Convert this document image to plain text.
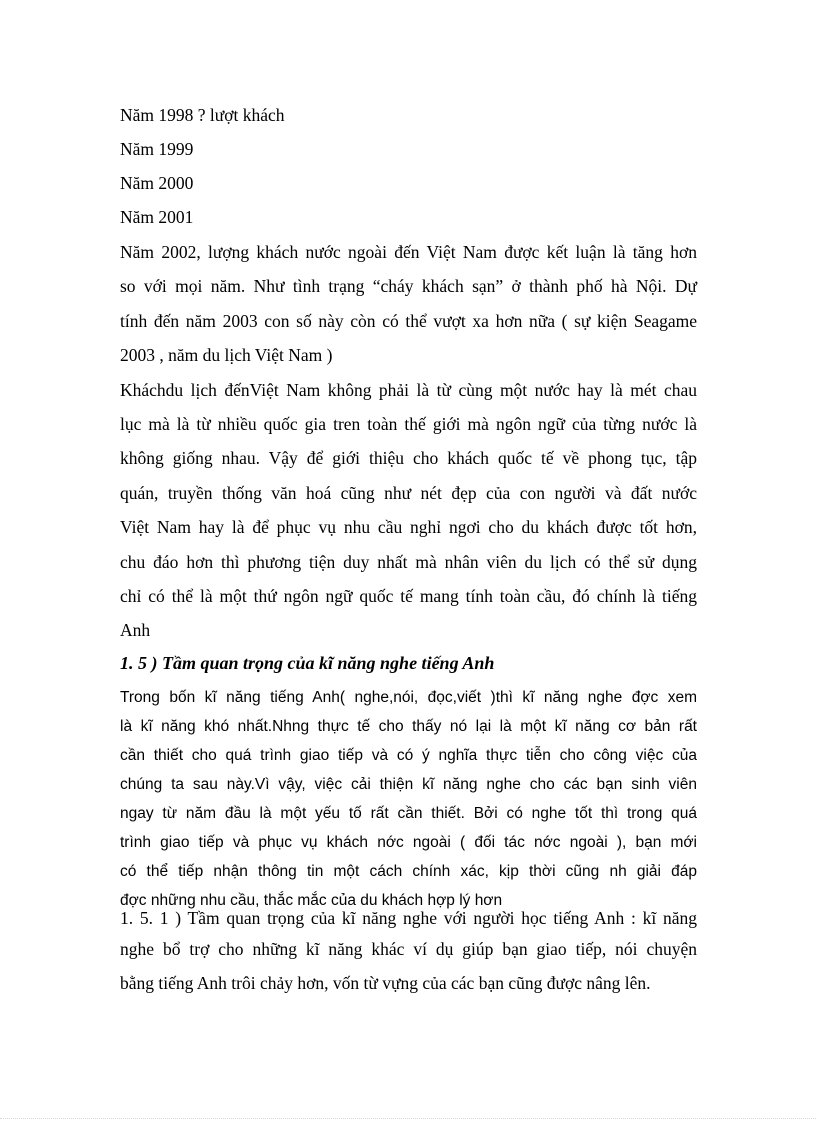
Năm 1998 ? lượt khách
Năm 1999
Năm 2000
Năm 2001
Năm 2002, lượng khách nước ngoài đến Việt Nam được kết luận là tăng hơn
so với mọi năm. Như tình trạng “cháy khách sạn” ở thành phố hà Nội. Dự
tính đến năm 2003 con số này còn có thể vượt xa hơn nữa ( sự kiện Seagame
2003 , năm du lịch Việt Nam )
Kháchdu lịch đếnViệt Nam không phải là từ cùng một nước hay là mét chau
lục mà là từ nhiều quốc gia tren toàn thế giới mà ngôn ngữ của từng nước là
không giống nhau. Vậy để giới thiệu cho khách quốc tế về phong tục, tập
quán, truyền thống văn hoá cũng như nét đẹp của con người và đất nước
Việt Nam hay là để phục vụ nhu cầu nghỉ ngơi cho du khách được tốt hơn,
chu đáo hơn thì phương tiện duy nhất mà nhân viên du lịch có thể sử dụng
chỉ có thể là một thứ ngôn ngữ quốc tế mang tính toàn cầu, đó chính là tiếng
Anh
1. 5 ) Tầm quan trọng của kĩ năng nghe tiếng Anh
Trong bốn kĩ năng tiếng Anh( nghe,nói, đọc,viết )thì kĩ năng nghe đợc xem
là kĩ năng khó nhất.Nhng thực tế cho thấy nó lại là một kĩ năng cơ bản rất
cần thiết cho quá trình giao tiếp và có ý nghĩa thực tiễn cho công việc của
chúng ta sau này.Vì vậy, việc cải thiện kĩ năng nghe cho các bạn sinh viên
ngay từ năm đầu là một yếu tố rất cần thiết. Bởi có nghe tốt thì trong quá
trình giao tiếp và phục vụ khách nớc ngoài ( đối tác nớc ngoài ), bạn mới
có thể tiếp nhận thông tin một cách chính xác, kịp thời cũng nh giải đáp
đợc những nhu cầu, thắc mắc của du khách hợp lý hơn
1. 5. 1 ) Tầm quan trọng của kĩ năng nghe với người học tiếng Anh : kĩ năng
nghe bổ trợ cho những kĩ năng khác ví dụ giúp bạn giao tiếp, nói chuyện
bằng tiếng Anh trôi chảy hơn, vốn từ vựng của các bạn cũng được nâng lên.
